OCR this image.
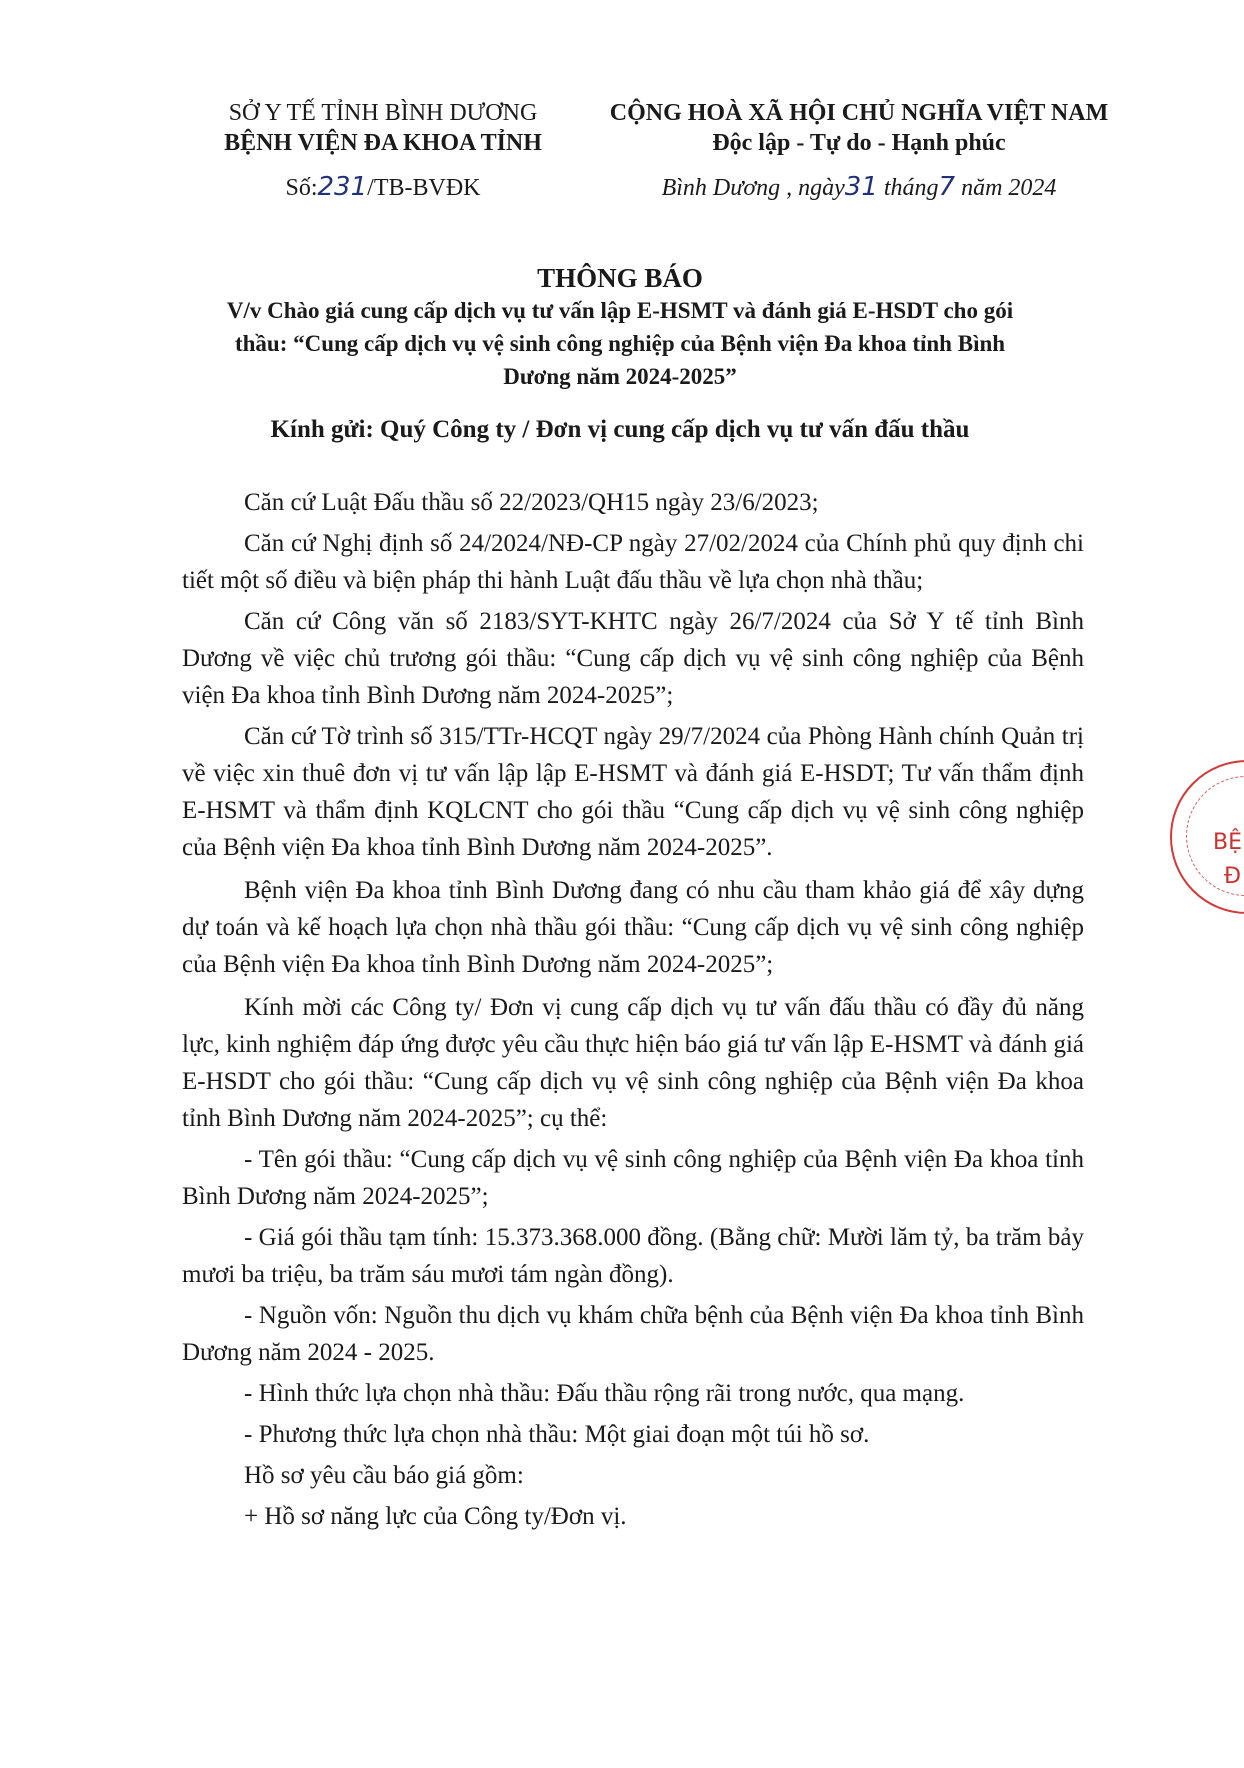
SỞ Y TẾ TỈNH BÌNH DƯƠNG
BỆNH VIỆN ĐA KHOA TỈNH
Số:231/TB-BVĐK
CỘNG HOÀ XÃ HỘI CHỦ NGHĨA VIỆT NAM
Độc lập - Tự do - Hạnh phúc
Bình Dương , ngày31 tháng7 năm 2024
THÔNG BÁO
V/v Chào giá cung cấp dịch vụ tư vấn lập E-HSMT và đánh giá E-HSDT cho gói
thầu: “Cung cấp dịch vụ vệ sinh công nghiệp của Bệnh viện Đa khoa tỉnh Bình
Dương năm 2024-2025”
Kính gửi: Quý Công ty / Đơn vị cung cấp dịch vụ tư vấn đấu thầu

Căn cứ Luật Đấu thầu số 22/2023/QH15 ngày 23/6/2023;

Căn cứ Nghị định số 24/2024/NĐ-CP ngày 27/02/2024 của Chính phủ quy định chi tiết một số điều và biện pháp thi hành Luật đấu thầu về lựa chọn nhà thầu;

Căn cứ Công văn số 2183/SYT-KHTC ngày 26/7/2024 của Sở Y tế tỉnh Bình Dương về việc chủ trương gói thầu: “Cung cấp dịch vụ vệ sinh công nghiệp của Bệnh viện Đa khoa tỉnh Bình Dương năm 2024-2025”;

Căn cứ Tờ trình số 315/TTr-HCQT ngày 29/7/2024 của Phòng Hành chính Quản trị về việc xin thuê đơn vị tư vấn lập lập E-HSMT và đánh giá E-HSDT; Tư vấn thẩm định E-HSMT và thẩm định KQLCNT cho gói thầu “Cung cấp dịch vụ vệ sinh công nghiệp của Bệnh viện Đa khoa tỉnh Bình Dương năm 2024-2025”.

Bệnh viện Đa khoa tỉnh Bình Dương đang có nhu cầu tham khảo giá để xây dựng dự toán và kế hoạch lựa chọn nhà thầu gói thầu: “Cung cấp dịch vụ vệ sinh công nghiệp của Bệnh viện Đa khoa tỉnh Bình Dương năm 2024-2025”;

Kính mời các Công ty/ Đơn vị cung cấp dịch vụ tư vấn đấu thầu có đầy đủ năng lực, kinh nghiệm đáp ứng được yêu cầu thực hiện báo giá tư vấn lập E-HSMT và đánh giá E-HSDT cho gói thầu: “Cung cấp dịch vụ vệ sinh công nghiệp của Bệnh viện Đa khoa tỉnh Bình Dương năm 2024-2025”; cụ thể:

- Tên gói thầu: “Cung cấp dịch vụ vệ sinh công nghiệp của Bệnh viện Đa khoa tỉnh Bình Dương năm 2024-2025”;

- Giá gói thầu tạm tính: 15.373.368.000 đồng. (Bằng chữ: Mười lăm tỷ, ba trăm bảy mươi ba triệu, ba trăm sáu mươi tám ngàn đồng).

- Nguồn vốn: Nguồn thu dịch vụ khám chữa bệnh của Bệnh viện Đa khoa tỉnh Bình Dương năm 2024 - 2025.

- Hình thức lựa chọn nhà thầu: Đấu thầu rộng rãi trong nước, qua mạng.

- Phương thức lựa chọn nhà thầu: Một giai đoạn một túi hồ sơ.

Hồ sơ yêu cầu báo giá gồm:

+ Hồ sơ năng lực của Công ty/Đơn vị.

BỆ
Đ
